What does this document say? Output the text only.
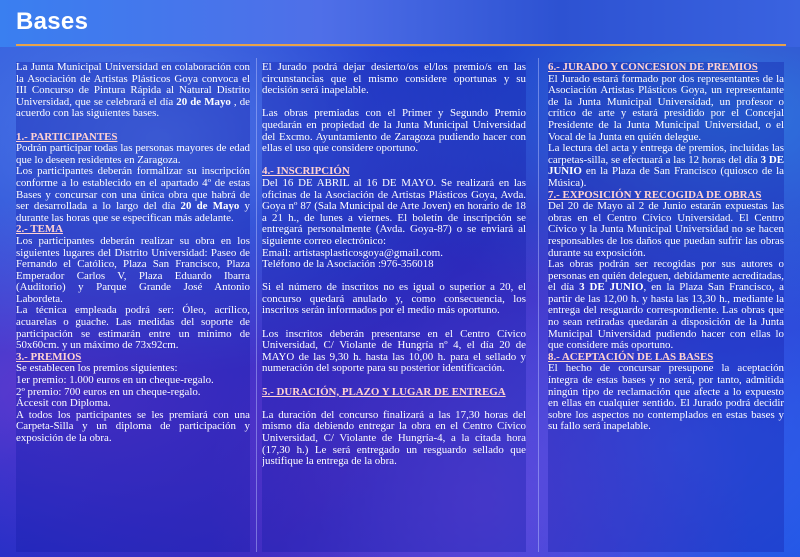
Bases

La Junta Municipal Universidad en colaboración con la Asociación de Artistas Plásticos Goya convoca el III Concurso de Pintura Rápida al Natural Distrito Universidad, que se celebrará el día 20 de Mayo , de acuerdo con las siguientes bases.

1.- PARTICIPANTES

Podrán participar todas las personas mayores de edad que lo deseen residentes en Zaragoza.

Los participantes deberán formalizar su inscripción conforme a lo establecido en el apartado 4º de estas Bases y concursar con una única obra que habrá de ser desarrollada a lo largo del día 20 de Mayo y durante las horas que se especifican más adelante.

2.- TEMA

Los participantes deberán realizar su obra en los siguientes lugares del Distrito Universidad: Paseo de Fernando el Católico, Plaza San Francisco, Plaza Emperador Carlos V, Plaza Eduardo Ibarra (Auditorio) y Parque Grande José Antonio Labordeta.

La técnica empleada podrá ser: Óleo, acrílico, acuarelas o guache. Las medidas del soporte de participación se estimarán entre un mínimo de 50x60cm. y un máximo de 73x92cm.

3.- PREMIOS

Se establecen los premios siguientes:

1er premio: 1.000 euros en un cheque-regalo.

2º premio: 700 euros en un cheque-regalo.

Áccesit con Diploma.

A todos los participantes se les premiará con una Carpeta-Silla y un diploma de participación y exposición de la obra.

El Jurado podrá dejar desierto/os el/los premio/s en las circunstancias que el mismo considere oportunas y su decisión será inapelable.

Las obras premiadas con el Primer y Segundo Premio quedarán en propiedad de la Junta Municipal Universidad del Excmo. Ayuntamiento de Zaragoza pudiendo hacer con ellas el uso que considere oportuno.

4.- INSCRIPCIÓN

Del 16 DE ABRIL al 16 DE MAYO. Se realizará en las oficinas de la Asociación de Artistas Plásticos Goya, Avda. Goya nº 87 (Sala Municipal de Arte Joven) en horario de 18 a 21 h., de lunes a viernes. El boletín de inscripción se entregará personalmente (Avda. Goya-87) o se enviará al siguiente correo electrónico:

Email: artistasplasticosgoya@gmail.com.

Teléfono de la Asociación :976-356018

Si el número de inscritos no es igual o superior a 20, el concurso quedará anulado y, como consecuencia, los inscritos serán informados por el medio más oportuno.

Los inscritos deberán presentarse en el Centro Cívico Universidad, C/ Violante de Hungría nº 4, el día 20 de MAYO de las 9,30 h. hasta las 10,00 h. para el sellado y numeración del soporte para su posterior identificación.

5.- DURACIÓN, PLAZO Y LUGAR DE ENTREGA

La duración del concurso finalizará a las 17,30 horas del mismo día debiendo entregar la obra en el Centro Cívico Universidad, C/ Violante de Hungría-4, a la citada hora (17,30 h.) Le será entregado un resguardo sellado que justifique la entrega de la obra.

6.- JURADO Y CONCESIÓN DE PREMIOS

El Jurado estará formado por dos representantes de la Asociación Artistas Plásticos Goya, un representante de la Junta Municipal Universidad, un profesor o crítico de arte y estará presidido por el Concejal Presidente de la Junta Municipal Universidad, o el Vocal de la Junta en quién delegue.

La lectura del acta y entrega de premios, incluidas las carpetas-silla, se efectuará a las 12 horas del día 3 DE JUNIO en la Plaza de San Francisco (quiosco de la Música).

7.- EXPOSICIÓN Y RECOGIDA DE OBRAS

Del 20 de Mayo al 2 de Junio estarán expuestas las obras en el Centro Cívico Universidad. El Centro Cívico y la Junta Municipal Universidad no se hacen responsables de los daños que puedan sufrir las obras durante su exposición.

Las obras podrán ser recogidas por sus autores o personas en quién deleguen, debidamente acreditadas, el día 3 DE JUNIO, en la Plaza San Francisco, a partir de las 12,00 h. y hasta las 13,30 h., mediante la entrega del resguardo correspondiente. Las obras que no sean retiradas quedarán a disposición de la Junta Municipal Universidad pudiendo hacer con ellas lo que considere más oportuno.

8.- ACEPTACIÓN DE LAS BASES

El hecho de concursar presupone la aceptación íntegra de estas bases y no será, por tanto, admitida ningún tipo de reclamación que afecte a lo expuesto en ellas en cualquier sentido. El Jurado podrá decidir sobre los aspectos no contemplados en estas bases y su fallo será inapelable.
